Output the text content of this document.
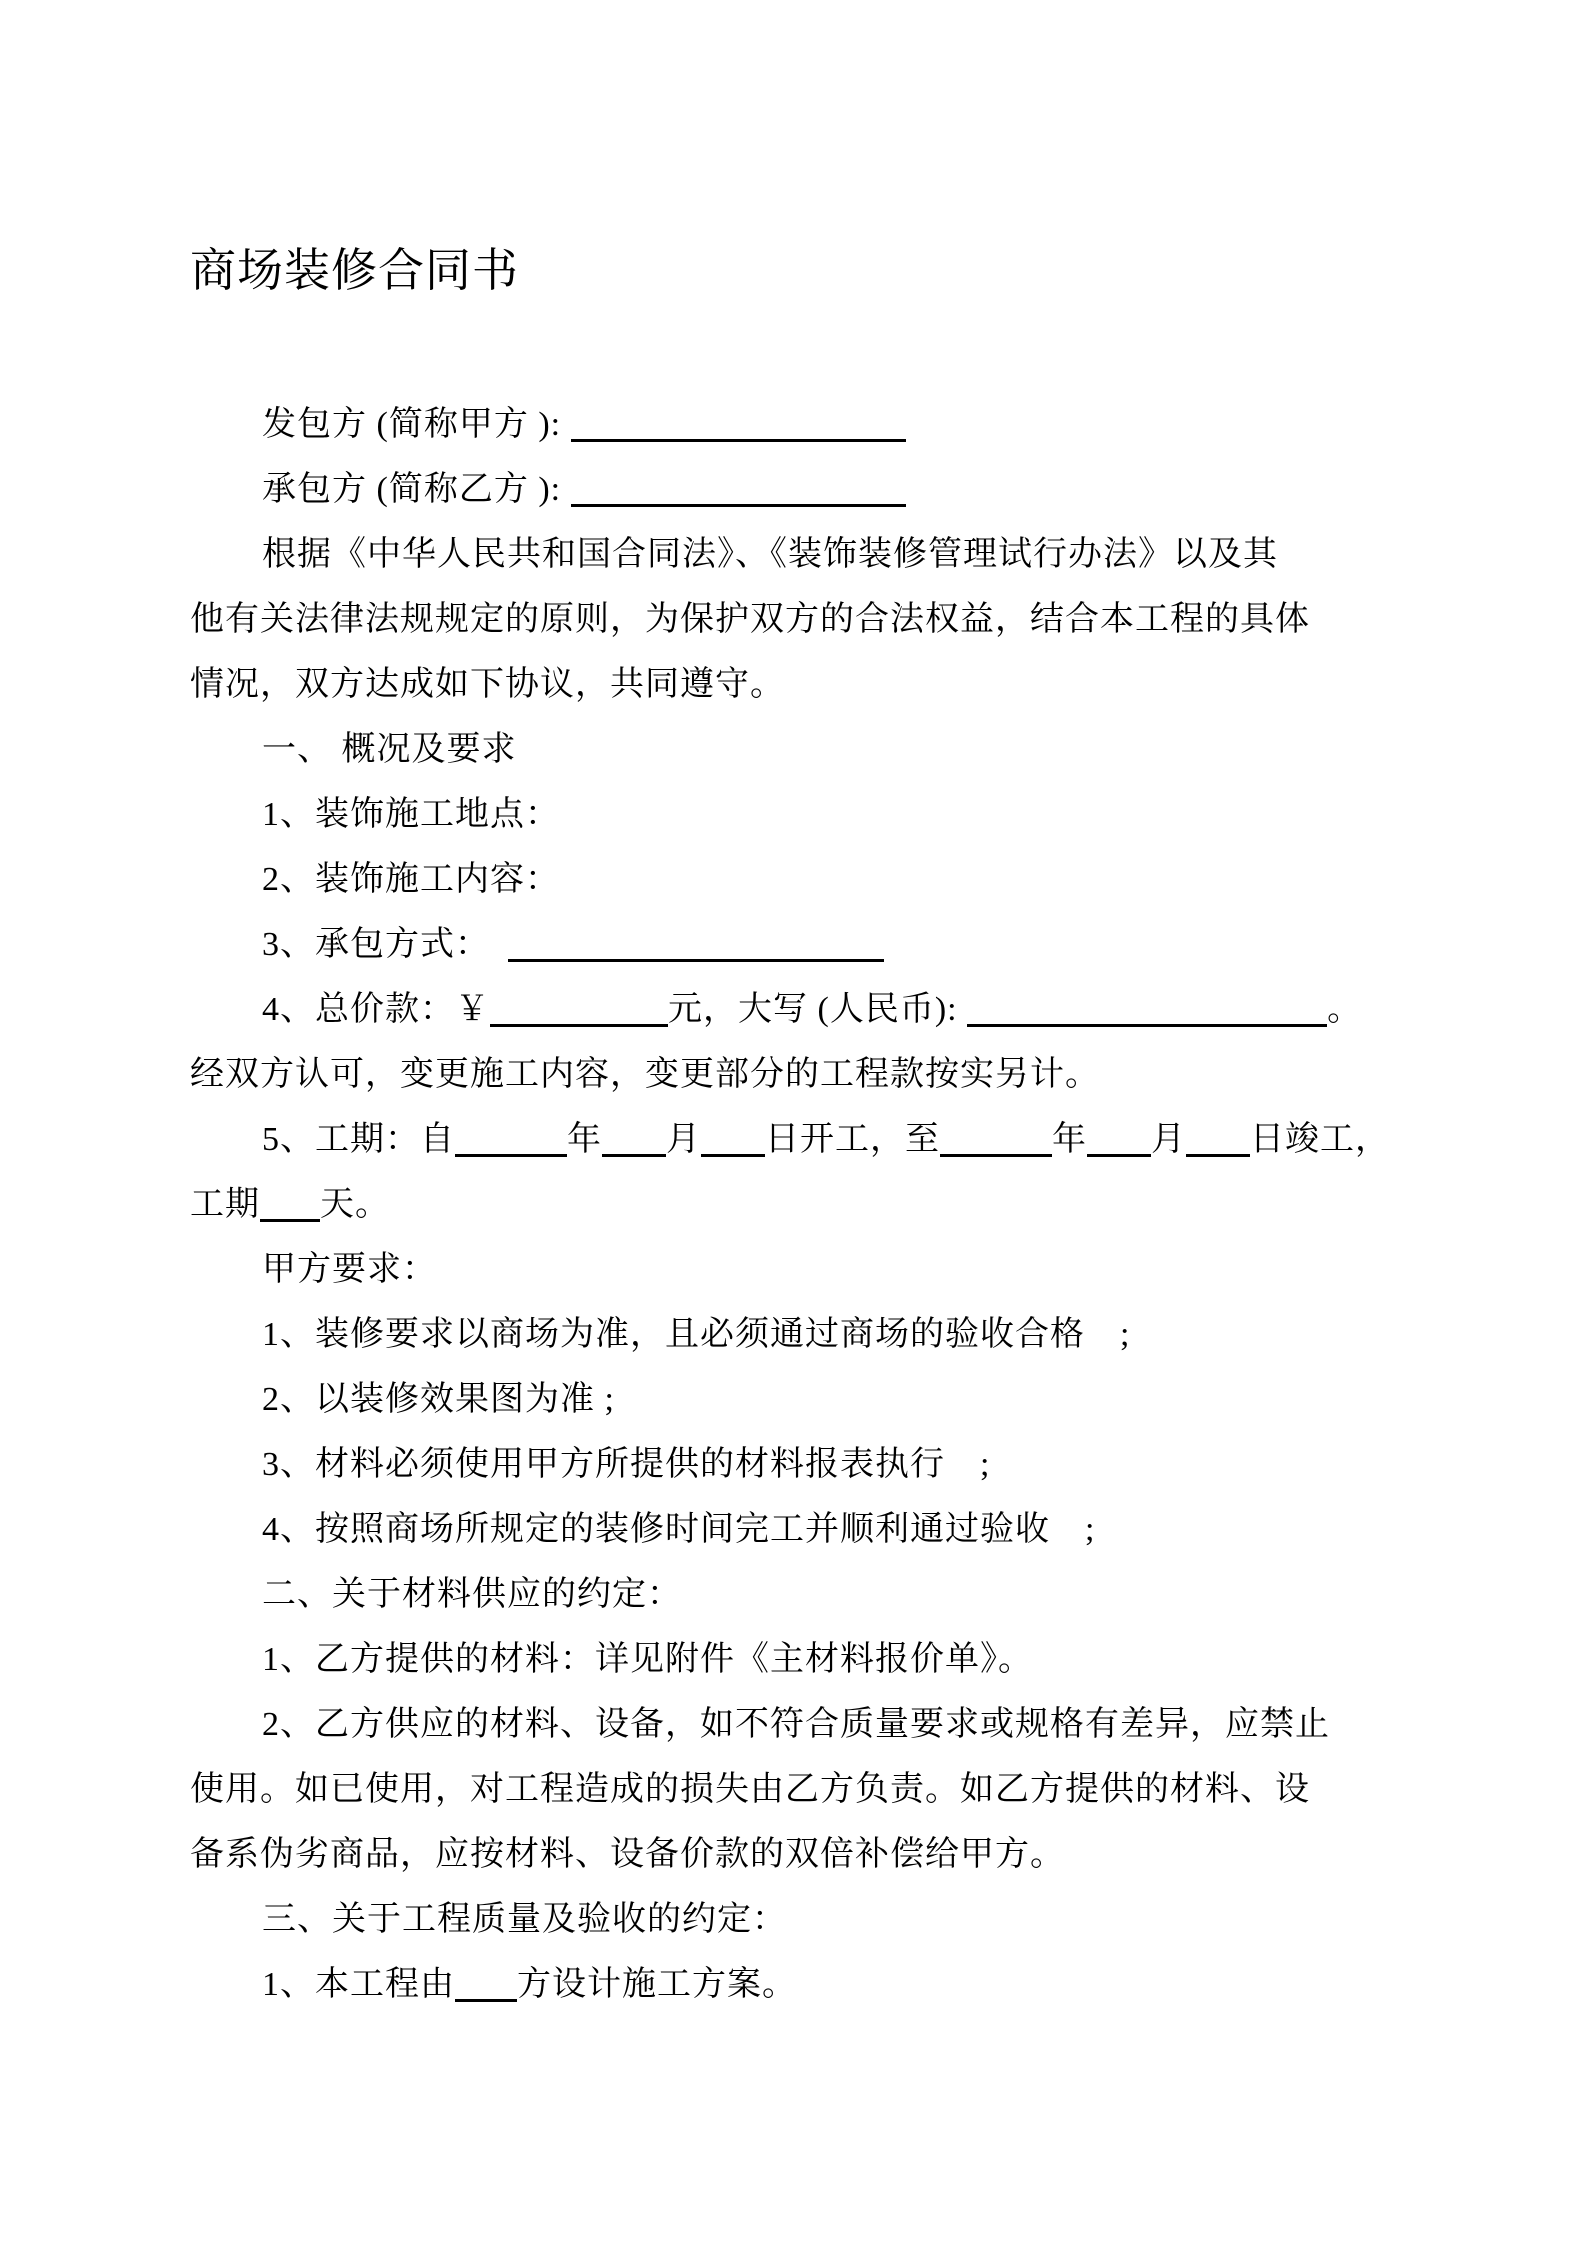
商场装修合同书
发包方 (简称甲方 ):
承包方 (简称乙方 ):
根据《中华人民共和国合同法》、《装饰装修管理试行办法》以及其
他有关法律法规规定的原则，为保护双方的合法权益，结合本工程的具体
情况，双方达成如下协议，共同遵守。
一、 概况及要求
1、装饰施工地点：
2、装饰施工内容：
3、承包方式：　
4、总价款：￥	元，大写 (人民币):	。
经双方认可，变更施工内容，变更部分的工程款按实另计。
5、工期：自	年 月 日开工，至	年 月 日竣工，
工期 天。
甲方要求：
1、装修要求以商场为准，且必须通过商场的验收合格　;
2、以装修效果图为准 ;
3、材料必须使用甲方所提供的材料报表执行　;
4、按照商场所规定的装修时间完工并顺利通过验收　;
二、关于材料供应的约定：
1、乙方提供的材料：详见附件《主材料报价单》。
2、乙方供应的材料、设备，如不符合质量要求或规格有差异，应禁止
使用。如已使用，对工程造成的损失由乙方负责。如乙方提供的材料、设
备系伪劣商品，应按材料、设备价款的双倍补偿给甲方。
三、关于工程质量及验收的约定：
1、本工程由 方设计施工方案。
